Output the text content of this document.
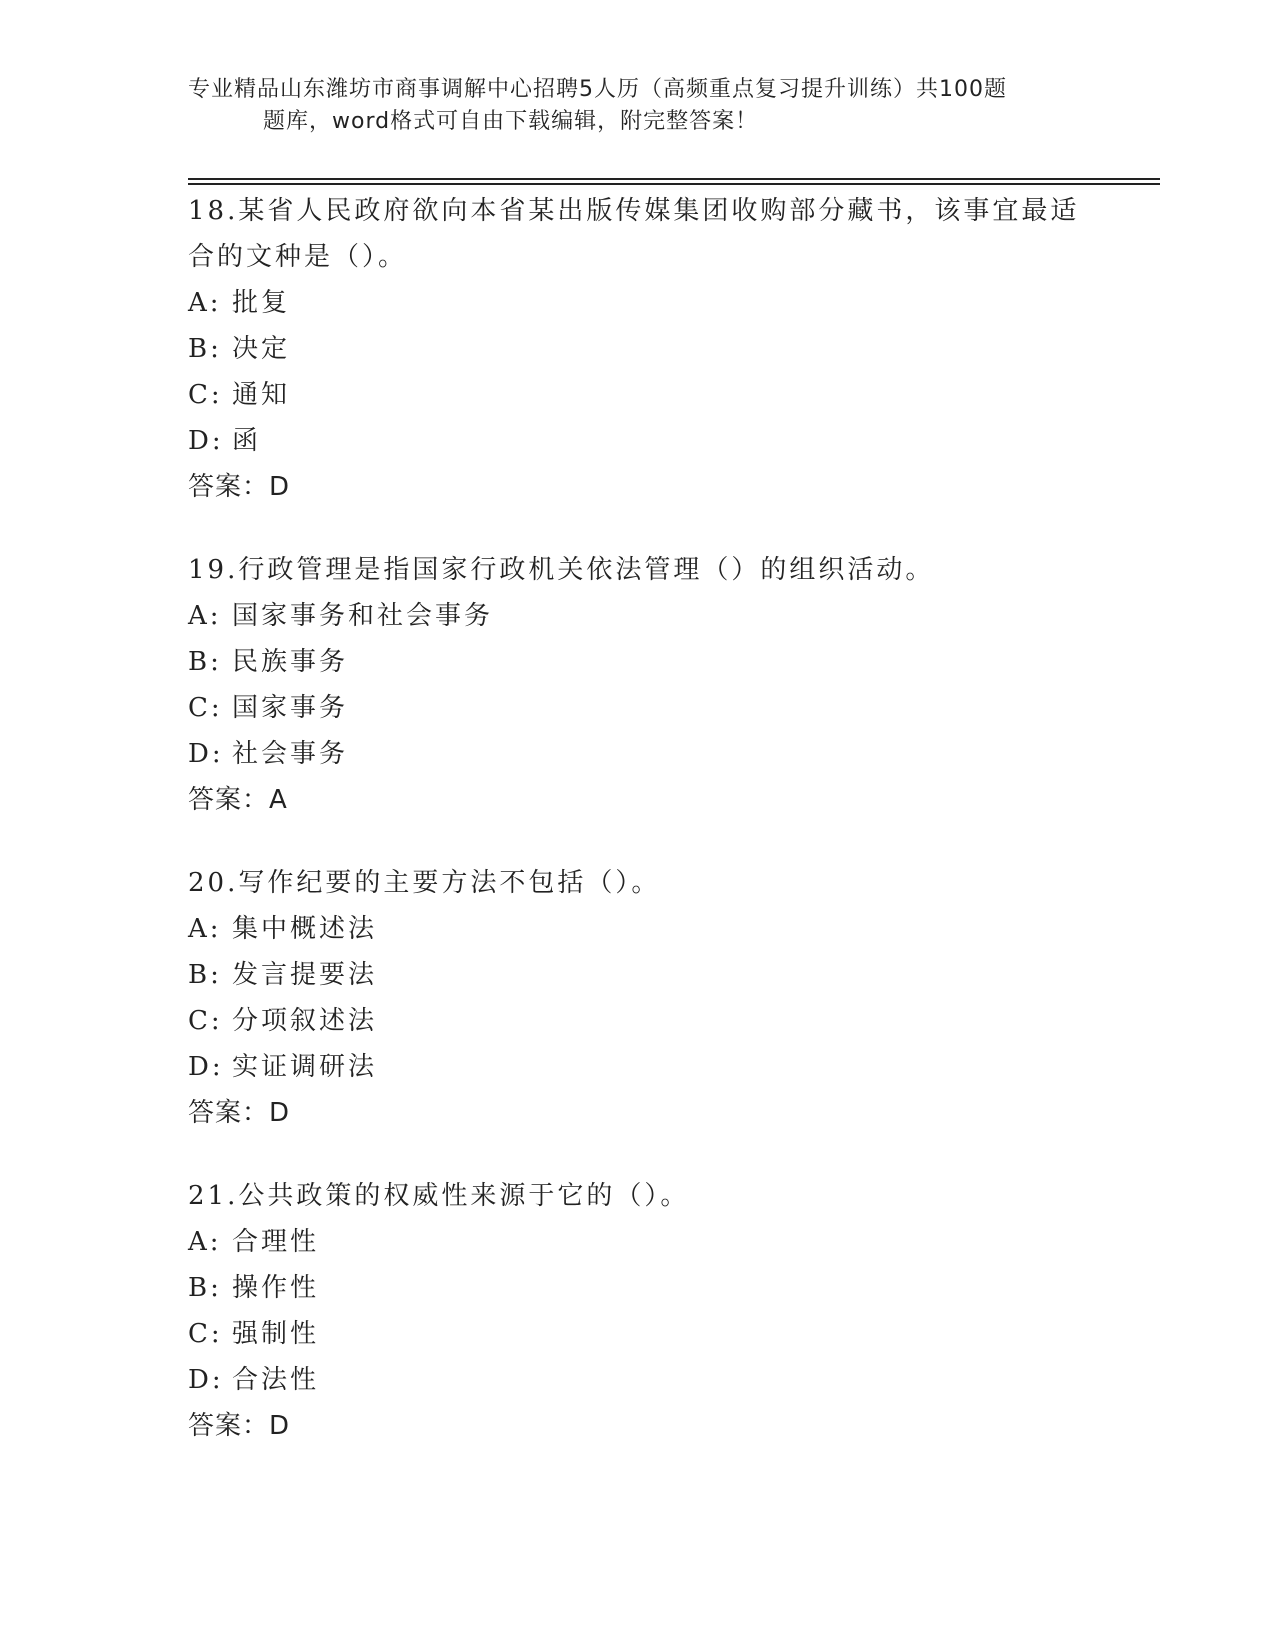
专业精品山东潍坊市商事调解中心招聘5人历（高频重点复习提升训练）共100题
题库，word格式可自由下载编辑，附完整答案！

18.某省人民政府欲向本省某出版传媒集团收购部分藏书，该事宜最适合的文种是（）。

A: 批复
B: 决定
C: 通知
D: 函
答案：D

19.行政管理是指国家行政机关依法管理（）的组织活动。

A: 国家事务和社会事务
B: 民族事务
C: 国家事务
D: 社会事务
答案：A

20.写作纪要的主要方法不包括（）。

A: 集中概述法
B: 发言提要法
C: 分项叙述法
D: 实证调研法
答案：D

21.公共政策的权威性来源于它的（）。

A: 合理性
B: 操作性
C: 强制性
D: 合法性
答案：D
